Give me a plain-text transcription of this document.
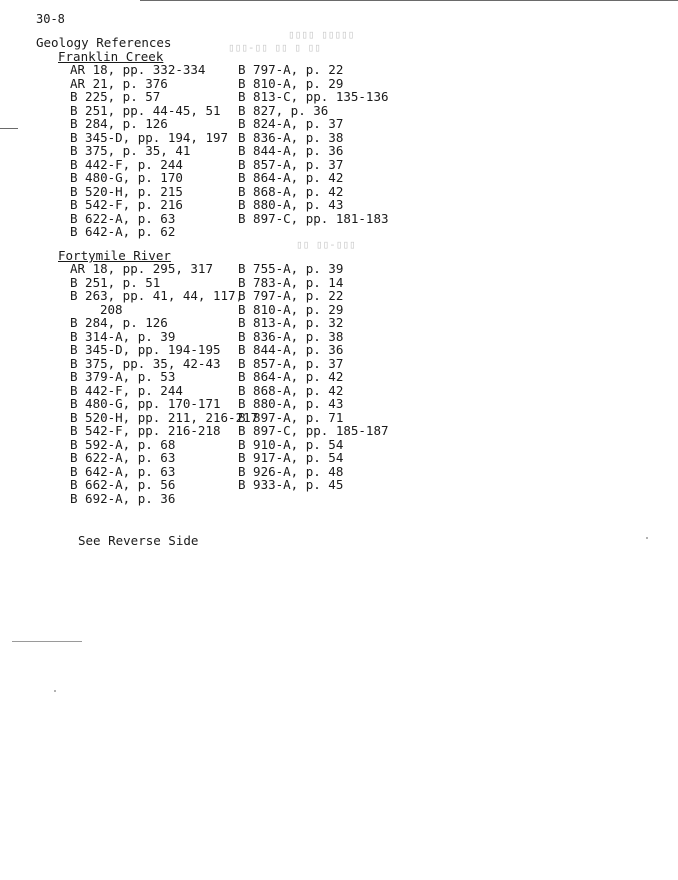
▯▯▯▯ ▯▯▯▯▯
▯▯▯-▯▯ ▯▯ ▯ ▯▯
▯▯ ▯▯-▯▯▯
30-8
Geology References
Franklin Creek
AR 18, pp. 332-334
AR 21, p. 376
B 225, p. 57
B 251, pp. 44-45, 51
B 284, p. 126
B 345-D, pp. 194, 197
B 375, p. 35, 41
B 442-F, p. 244
B 480-G, p. 170
B 520-H, p. 215
B 542-F, p. 216
B 622-A, p. 63
B 642-A, p. 62
B 797-A, p. 22
B 810-A, p. 29
B 813-C, pp. 135-136
B 827, p. 36
B 824-A, p. 37
B 836-A, p. 38
B 844-A, p. 36
B 857-A, p. 37
B 864-A, p. 42
B 868-A, p. 42
B 880-A, p. 43
B 897-C, pp. 181-183
Fortymile River
AR 18, pp. 295, 317
B 251, p. 51
B 263, pp. 41, 44, 117,
208
B 284, p. 126
B 314-A, p. 39
B 345-D, pp. 194-195
B 375, pp. 35, 42-43
B 379-A, p. 53
B 442-F, p. 244
B 480-G, pp. 170-171
B 520-H, pp. 211, 216-217
B 542-F, pp. 216-218
B 592-A, p. 68
B 622-A, p. 63
B 642-A, p. 63
B 662-A, p. 56
B 692-A, p. 36
B 755-A, p. 39
B 783-A, p. 14
B 797-A, p. 22
B 810-A, p. 29
B 813-A, p. 32
B 836-A, p. 38
B 844-A, p. 36
B 857-A, p. 37
B 864-A, p. 42
B 868-A, p. 42
B 880-A, p. 43
B 897-A, p. 71
B 897-C, pp. 185-187
B 910-A, p. 54
B 917-A, p. 54
B 926-A, p. 48
B 933-A, p. 45
See Reverse Side
